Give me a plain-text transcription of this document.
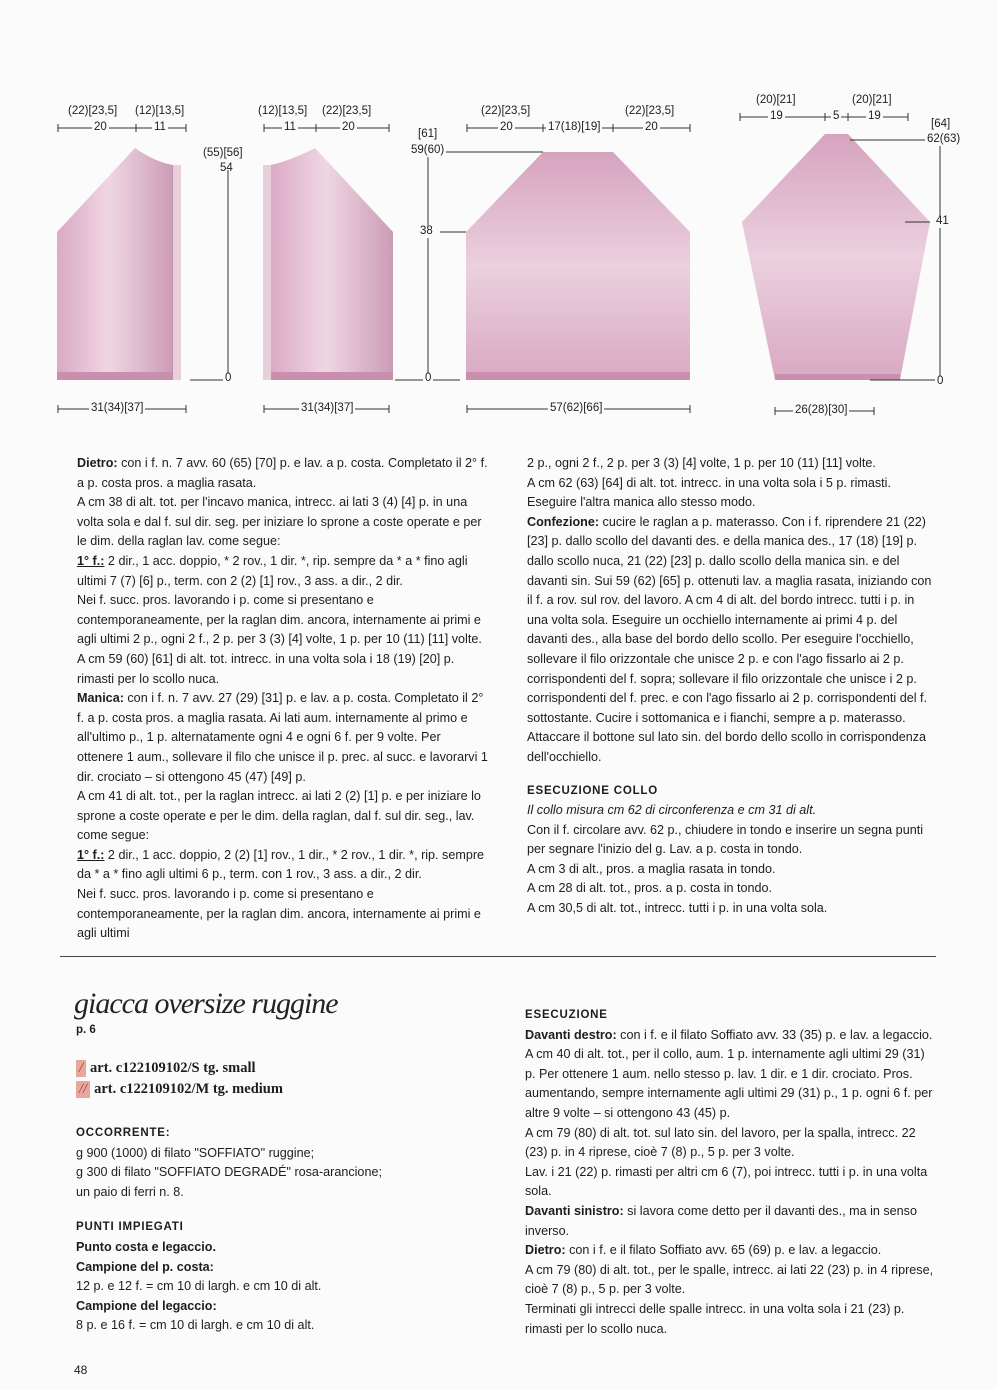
(22)[23,5]
20
(12)[13,5]
11
(55)[56]
54
0
31(34)[37]
(12)[13,5]
11
(22)[23,5]
20
31(34)[37]
[61]
59(60)
38
0
(22)[23,5]
20	17(18)[19]
(22)[23,5]
20
57(62)[66]
(20)[21]
19	5
(20)[21]
19
[64]
62(63)
41
0
26(28)[30]

Dietro: con i f. n. 7 avv. 60 (65) [70] p. e lav. a p. costa. Completato il 2° f. a p. costa pros. a maglia rasata.

A cm 38 di alt. tot. per l'incavo manica, intrecc. ai lati 3 (4) [4] p. in una volta sola e dal f. sul dir. seg. per iniziare lo sprone a coste operate e per le dim. della raglan lav. come segue:

1° f.: 2 dir., 1 acc. doppio, * 2 rov., 1 dir. *, rip. sempre da * a * fino agli ultimi 7 (7) [6] p., term. con 2 (2) [1] rov., 3 ass. a dir., 2 dir.

Nei f. succ. pros. lavorando i p. come si presentano e contemporaneamente, per la raglan dim. ancora, internamente ai primi e agli ultimi 2 p., ogni 2 f., 2 p. per 3 (3) [4] volte, 1 p. per 10 (11) [11] volte.

A cm 59 (60) [61] di alt. tot. intrecc. in una volta sola i 18 (19) [20] p. rimasti per lo scollo nuca.

Manica: con i f. n. 7 avv. 27 (29) [31] p. e lav. a p. costa. Completato il 2° f. a p. costa pros. a maglia rasata. Ai lati aum. internamente al primo e all'ultimo p., 1 p. alternatamente ogni 4 e ogni 6 f. per 9 volte. Per ottenere 1 aum., sollevare il filo che unisce il p. prec. al succ. e lavorarvi 1 dir. crociato – si ottengono 45 (47) [49] p.

A cm 41 di alt. tot., per la raglan intrecc. ai lati 2 (2) [1] p. e per iniziare lo sprone a coste operate e per le dim. della raglan, dal f. sul dir. seg., lav. come segue:

1° f.: 2 dir., 1 acc. doppio, 2 (2) [1] rov., 1 dir., * 2 rov., 1 dir. *, rip. sempre da * a * fino agli ultimi 6 p., term. con 1 rov., 3 ass. a dir., 2 dir.

Nei f. succ. pros. lavorando i p. come si presentano e contemporaneamente, per la raglan dim. ancora, internamente ai primi e agli ultimi

2 p., ogni 2 f., 2 p. per 3 (3) [4] volte, 1 p. per 10 (11) [11] volte.

A cm 62 (63) [64] di alt. tot. intrecc. in una volta sola i 5 p. rimasti. Eseguire l'altra manica allo stesso modo.

Confezione: cucire le raglan a p. materasso. Con i f. riprendere 21 (22) [23] p. dallo scollo del davanti des. e della manica des., 17 (18) [19] p. dallo scollo nuca, 21 (22) [23] p. dallo scollo della manica sin. e del davanti sin. Sui 59 (62) [65] p. ottenuti lav. a maglia rasata, iniziando con il f. a rov. sul rov. del lavoro. A cm 4 di alt. del bordo intrecc. tutti i p. in una volta sola. Eseguire un occhiello internamente ai primi 4 p. del davanti des., alla base del bordo dello scollo. Per eseguire l'occhiello, sollevare il filo orizzontale che unisce 2 p. e con l'ago fissarlo ai 2 p. corrispondenti del f. sopra; sollevare il filo orizzontale che unisce i 2 p. corrispondenti del f. prec. e con l'ago fissarlo ai 2 p. corrispondenti del f. sottostante. Cucire i sottomanica e i fianchi, sempre a p. materasso. Attaccare il bottone sul lato sin. del bordo dello scollo in corrispondenza dell'occhiello.

ESECUZIONE COLLO

Il collo misura cm 62 di circonferenza e cm 31 di alt.

Con il f. circolare avv. 62 p., chiudere in tondo e inserire un segna punti per segnare l'inizio del g. Lav. a p. costa in tondo.

A cm 3 di alt., pros. a maglia rasata in tondo.

A cm 28 di alt. tot., pros. a p. costa in tondo.

A cm 30,5 di alt. tot., intrecc. tutti i p. in una volta sola.

giacca oversize ruggine
p. 6
/ art. c122109102/S tg. small
// art. c122109102/M tg. medium

OCCORRENTE:

g 900 (1000) di filato "SOFFIATO" ruggine;

g 300 di filato "SOFFIATO DEGRADÉ" rosa-arancione;

un paio di ferri n. 8.

PUNTI IMPIEGATI

Punto costa e legaccio.

Campione del p. costa:

12 p. e 12 f. = cm 10 di largh. e cm 10 di alt.

Campione del legaccio:

8 p. e 16 f. = cm 10 di largh. e cm 10 di alt.

ESECUZIONE

Davanti destro: con i f. e il filato Soffiato avv. 33 (35) p. e lav. a legaccio.

A cm 40 di alt. tot., per il collo, aum. 1 p. internamente agli ultimi 29 (31) p. Per ottenere 1 aum. nello stesso p. lav. 1 dir. e 1 dir. crociato. Pros. aumentando, sempre internamente agli ultimi 29 (31) p., 1 p. ogni 6 f. per altre 9 volte – si ottengono 43 (45) p.

A cm 79 (80) di alt. tot. sul lato sin. del lavoro, per la spalla, intrecc. 22 (23) p. in 4 riprese, cioè 7 (8) p., 5 p. per 3 volte.

Lav. i 21 (22) p. rimasti per altri cm 6 (7), poi intrecc. tutti i p. in una volta sola.

Davanti sinistro: si lavora come detto per il davanti des., ma in senso inverso.

Dietro: con i f. e il filato Soffiato avv. 65 (69) p. e lav. a legaccio.

A cm 79 (80) di alt. tot., per le spalle, intrecc. ai lati 22 (23) p. in 4 riprese, cioè 7 (8) p., 5 p. per 3 volte.

Terminati gli intrecci delle spalle intrecc. in una volta sola i 21 (23) p. rimasti per lo scollo nuca.

48
